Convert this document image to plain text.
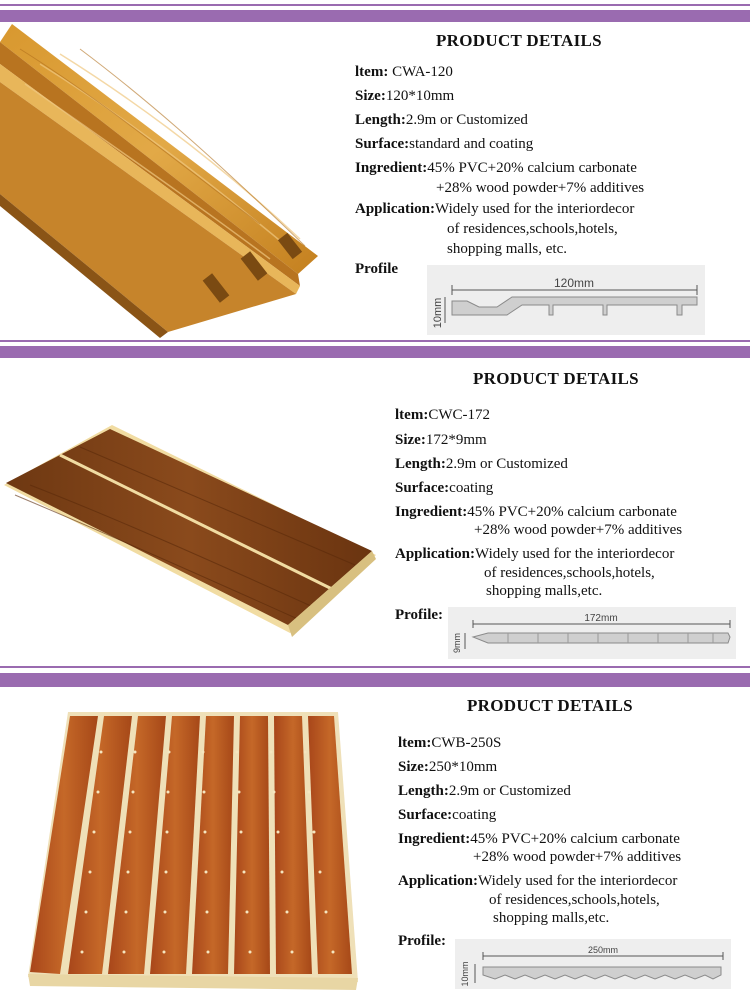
PRODUCT DETAILS
ltem: CWA-120
Size:120*10mm
Length:2.9m or Customized
Surface:standard and coating
Ingredient:45% PVC+20% calcium carbonate
+28% wood powder+7% additives
Application:Widely used for the interiordecor
of residences,schools,hotels,
shopping malls, etc.
Profile
120mm
10mm
PRODUCT DETAILS
ltem:CWC-172
Size:172*9mm
Length:2.9m or Customized
Surface:coating
Ingredient:45% PVC+20% calcium carbonate
+28% wood powder+7% additives
Application:Widely used for the interiordecor
of residences,schools,hotels,
shopping malls,etc.
Profile:	172mm
9mm
PRODUCT DETAILS
ltem:CWB-250S
Size:250*10mm
Length:2.9m or Customized
Surface:coating
Ingredient:45% PVC+20% calcium carbonate
+28% wood powder+7% additives
Application:Widely used for the interiordecor
of residences,schools,hotels,
shopping malls,etc.
Profile:
250mm
10mm
